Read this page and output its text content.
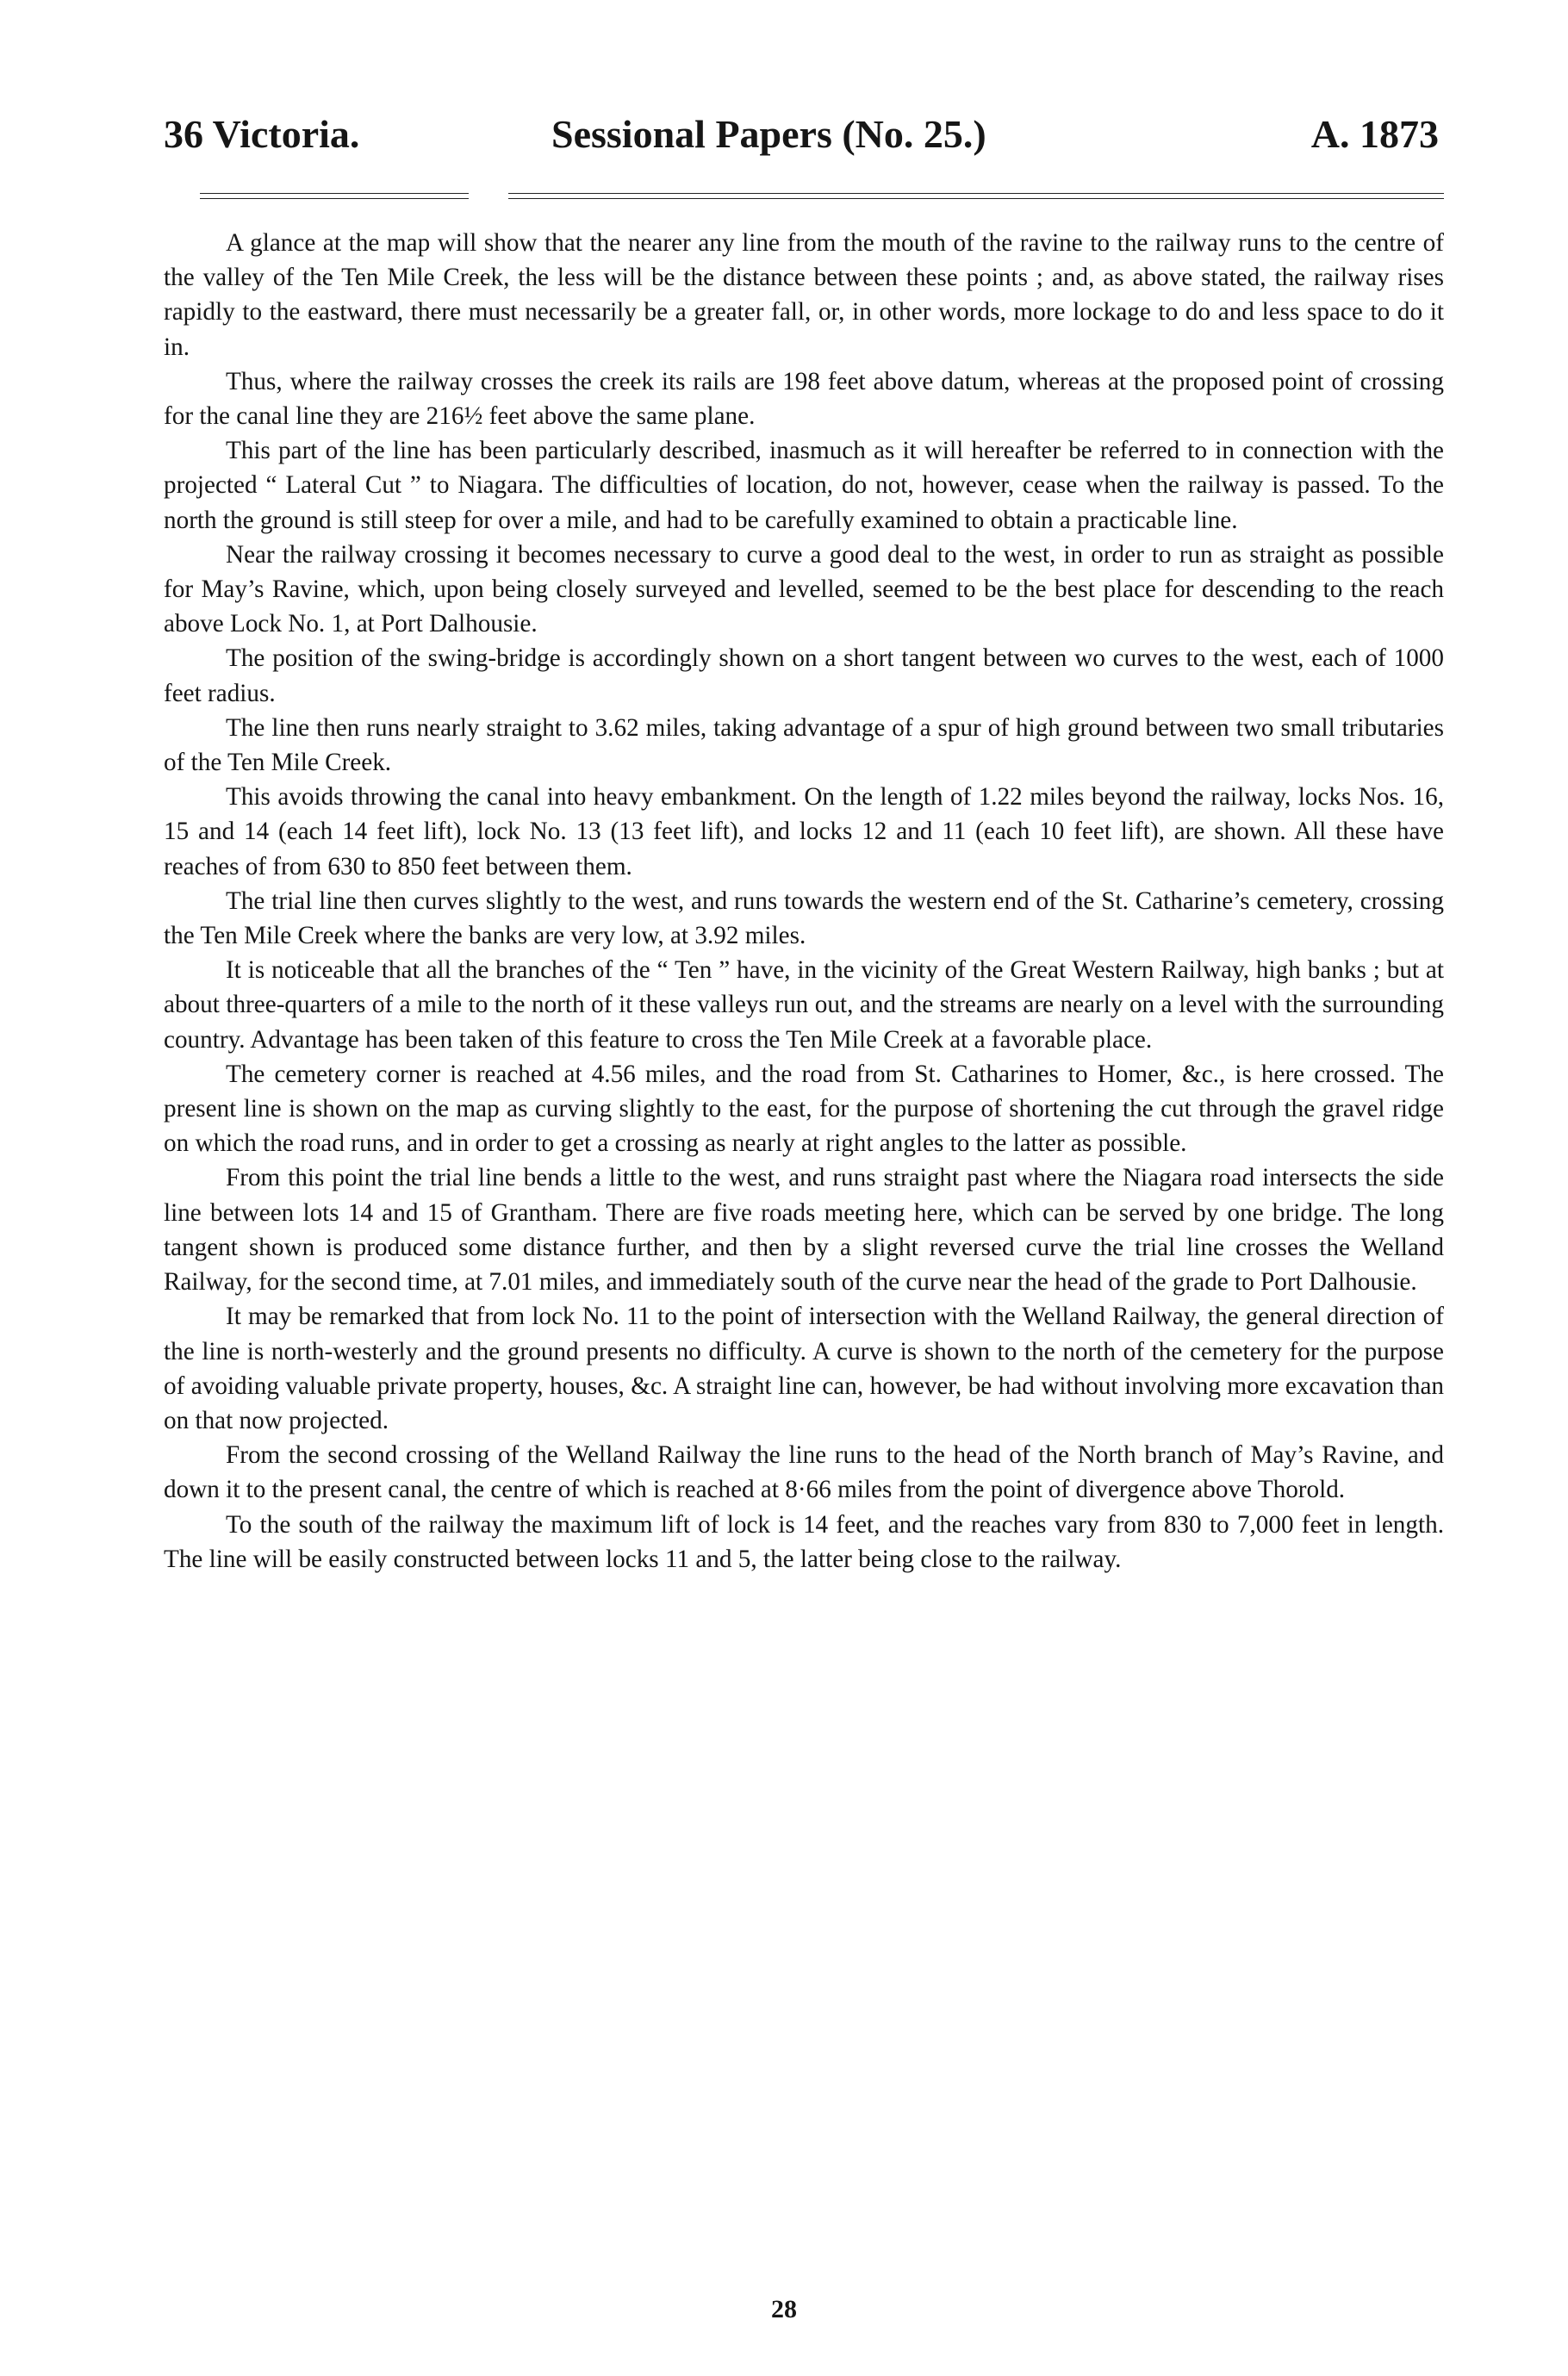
36 Victoria.	Sessional Papers (No. 25.)	A. 1873

A glance at the map will show that the nearer any line from the mouth of the ravine to the railway runs to the centre of the valley of the Ten Mile Creek, the less will be the distance between these points ; and, as above stated, the railway rises rapidly to the eastward, there must necessarily be a greater fall, or, in other words, more lockage to do and less space to do it in.

Thus, where the railway crosses the creek its rails are 198 feet above datum, whereas at the proposed point of crossing for the canal line they are 216½ feet above the same plane.

This part of the line has been particularly described, inasmuch as it will hereafter be referred to in connection with the projected “ Lateral Cut ” to Niagara. The difficulties of location, do not, however, cease when the railway is passed. To the north the ground is still steep for over a mile, and had to be carefully examined to obtain a practicable line.

Near the railway crossing it becomes necessary to curve a good deal to the west, in order to run as straight as possible for May’s Ravine, which, upon being closely surveyed and levelled, seemed to be the best place for descending to the reach above Lock No. 1, at Port Dalhousie.

The position of the swing-bridge is accordingly shown on a short tangent between wo curves to the west, each of 1000 feet radius.

The line then runs nearly straight to 3.62 miles, taking advantage of a spur of high ground between two small tributaries of the Ten Mile Creek.

This avoids throwing the canal into heavy embankment. On the length of 1.22 miles beyond the railway, locks Nos. 16, 15 and 14 (each 14 feet lift), lock No. 13 (13 feet lift), and locks 12 and 11 (each 10 feet lift), are shown. All these have reaches of from 630 to 850 feet between them.

The trial line then curves slightly to the west, and runs towards the western end of the St. Catharine’s cemetery, crossing the Ten Mile Creek where the banks are very low, at 3.92 miles.

It is noticeable that all the branches of the “ Ten ” have, in the vicinity of the Great Western Railway, high banks ; but at about three-quarters of a mile to the north of it these valleys run out, and the streams are nearly on a level with the surrounding country. Advantage has been taken of this feature to cross the Ten Mile Creek at a favorable place.

The cemetery corner is reached at 4.56 miles, and the road from St. Catharines to Homer, &c., is here crossed. The present line is shown on the map as curving slightly to the east, for the purpose of shortening the cut through the gravel ridge on which the road runs, and in order to get a crossing as nearly at right angles to the latter as possible.

From this point the trial line bends a little to the west, and runs straight past where the Niagara road intersects the side line between lots 14 and 15 of Grantham. There are five roads meeting here, which can be served by one bridge. The long tangent shown is produced some distance further, and then by a slight reversed curve the trial line crosses the Welland Railway, for the second time, at 7.01 miles, and immediately south of the curve near the head of the grade to Port Dalhousie.

It may be remarked that from lock No. 11 to the point of intersection with the Welland Railway, the general direction of the line is north-westerly and the ground presents no difficulty. A curve is shown to the north of the cemetery for the purpose of avoiding valuable private property, houses, &c. A straight line can, however, be had without involving more excavation than on that now projected.

From the second crossing of the Welland Railway the line runs to the head of the North branch of May’s Ravine, and down it to the present canal, the centre of which is reached at 8·66 miles from the point of divergence above Thorold.

To the south of the railway the maximum lift of lock is 14 feet, and the reaches vary from 830 to 7,000 feet in length. The line will be easily constructed between locks 11 and 5, the latter being close to the railway.

28
